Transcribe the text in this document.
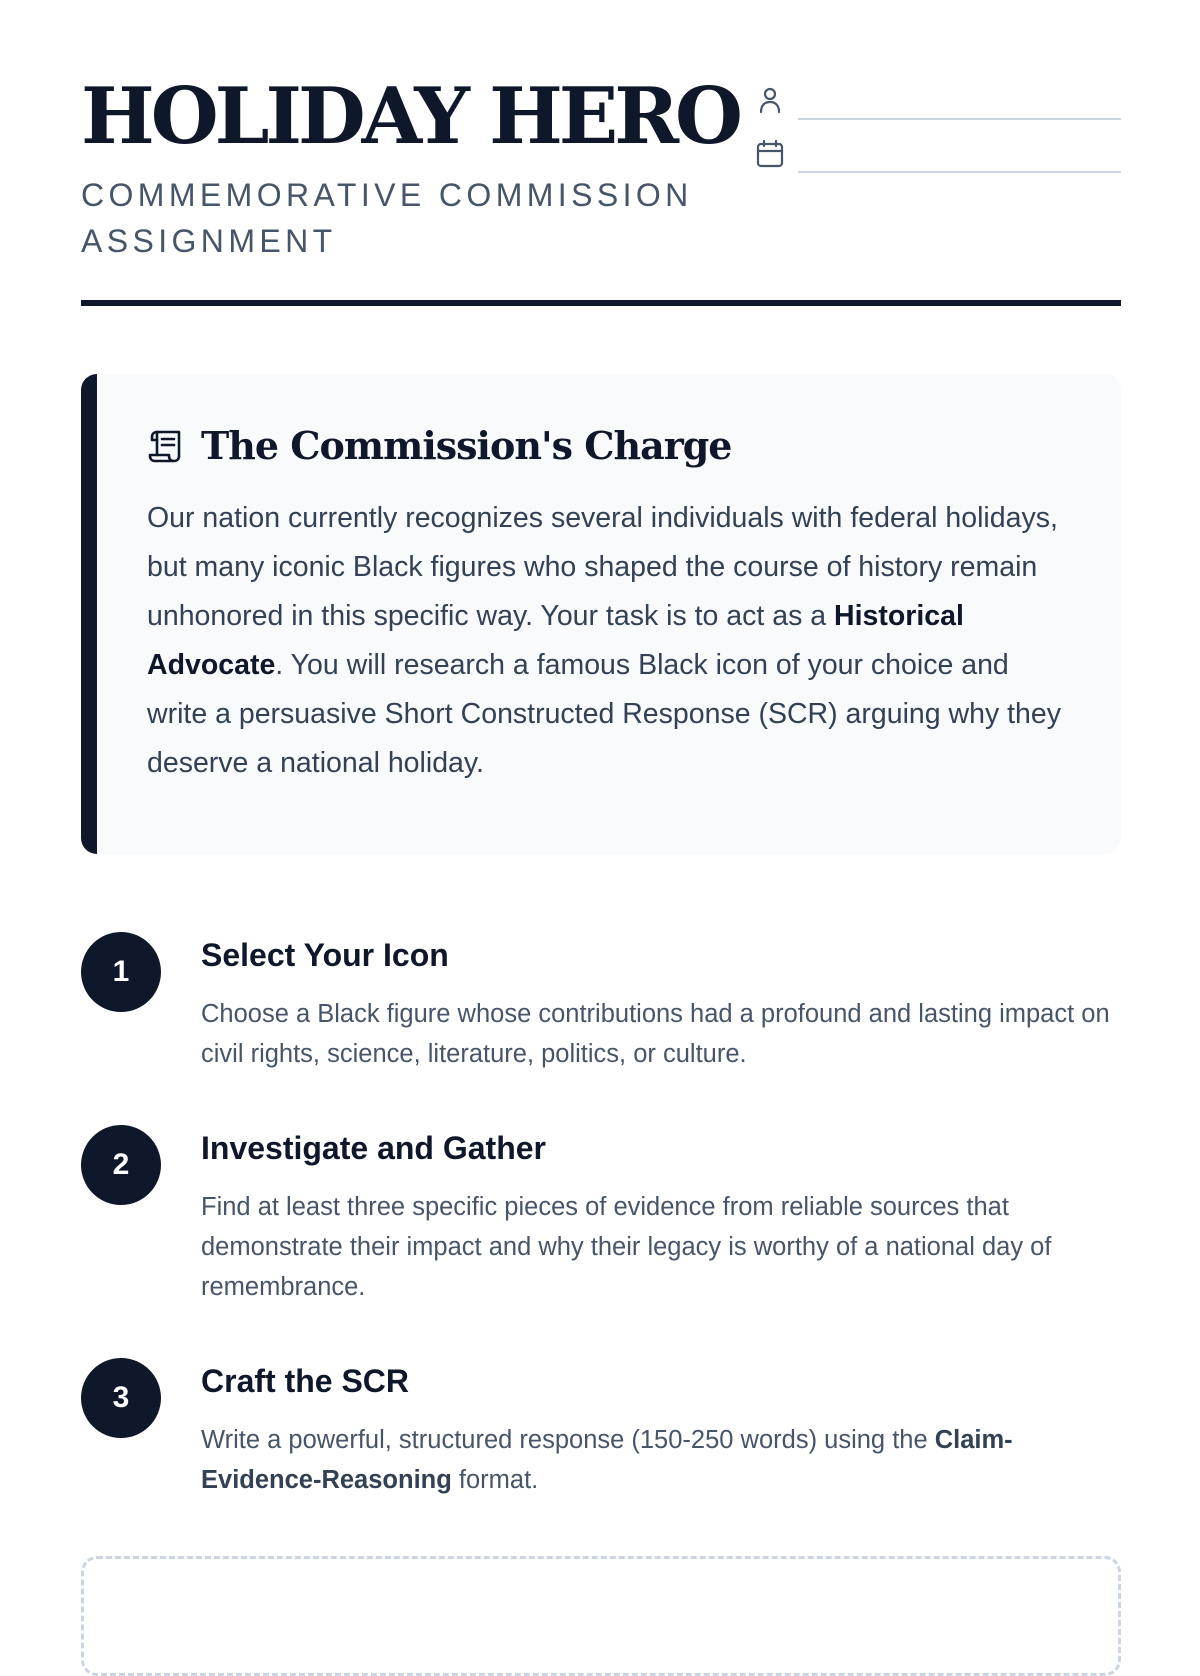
HOLIDAY HERO

COMMEMORATIVE COMMISSION ASSIGNMENT

The Commission's Charge

Our nation currently recognizes several individuals with federal holidays, but many iconic Black figures who shaped the course of history remain unhonored in this specific way. Your task is to act as a Historical Advocate. You will research a famous Black icon of your choice and write a persuasive Short Constructed Response (SCR) arguing why they deserve a national holiday.

1	Select Your Icon

Choose a Black figure whose contributions had a profound and lasting impact on civil rights, science, literature, politics, or culture.

2	Investigate and Gather

Find at least three specific pieces of evidence from reliable sources that demonstrate their impact and why their legacy is worthy of a national day of remembrance.

3	Craft the SCR

Write a powerful, structured response (150-250 words) using the Claim-Evidence-Reasoning format.
